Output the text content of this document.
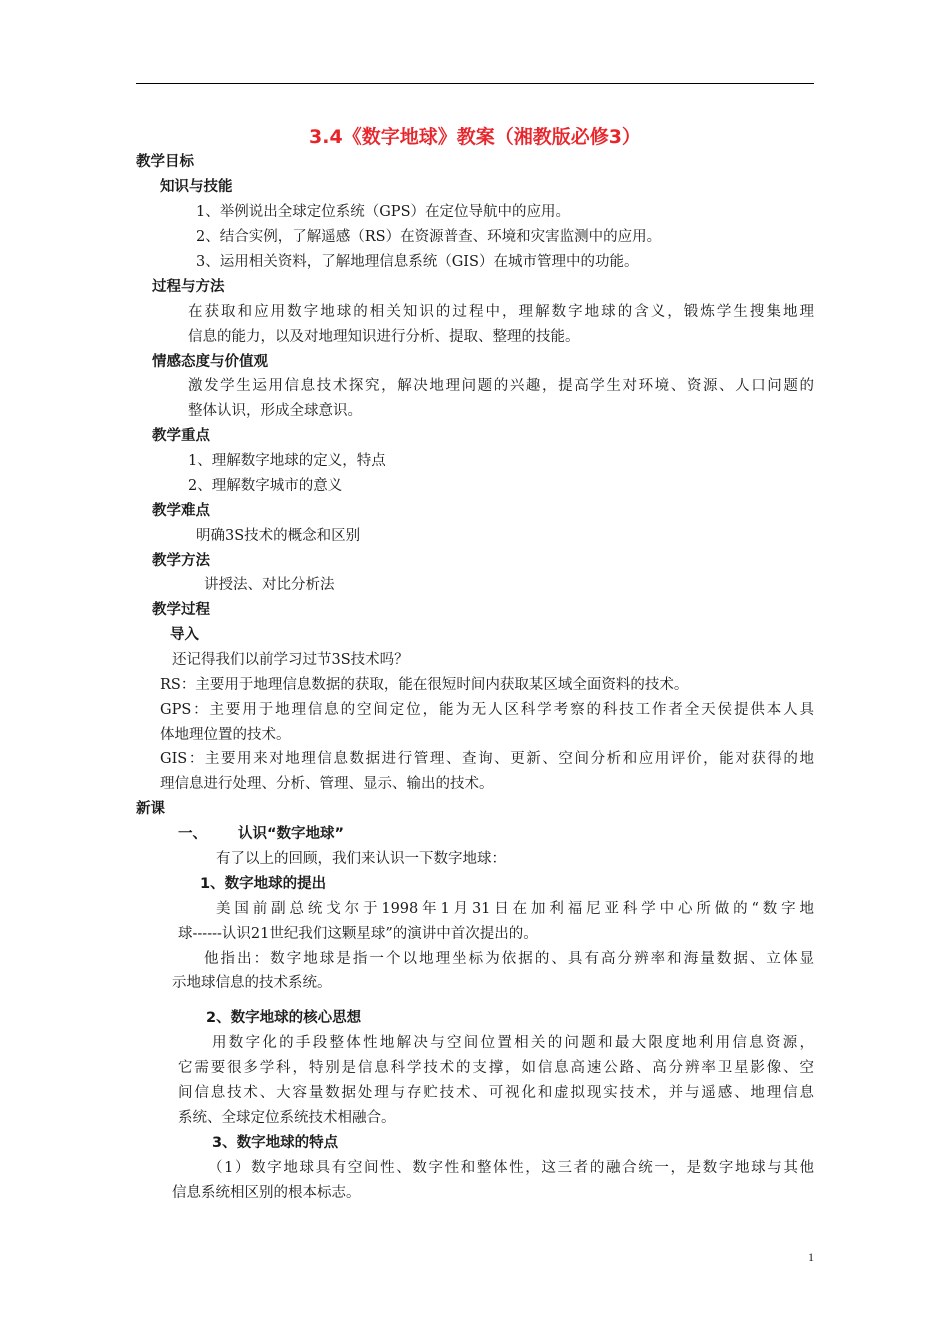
3.4《数字地球》教案（湘教版必修3）
教学目标
知识与技能
1、举例说出全球定位系统（GPS）在定位导航中的应用。
2、结合实例，了解遥感（RS）在资源普查、环境和灾害监测中的应用。
3、运用相关资料，了解地理信息系统（GIS）在城市管理中的功能。
过程与方法
在获取和应用数字地球的相关知识的过程中，理解数字地球的含义，锻炼学生搜集地理
信息的能力，以及对地理知识进行分析、提取、整理的技能。
情感态度与价值观
激发学生运用信息技术探究，解决地理问题的兴趣，提高学生对环境、资源、人口问题的
整体认识，形成全球意识。
教学重点
1、理解数字地球的定义，特点
2、理解数字城市的意义
教学难点
明确3S技术的概念和区别
教学方法
讲授法、对比分析法
教学过程
导入
还记得我们以前学习过节3S技术吗？
RS：主要用于地理信息数据的获取，能在很短时间内获取某区域全面资料的技术。
GPS：主要用于地理信息的空间定位，能为无人区科学考察的科技工作者全天侯提供本人具
体地理位置的技术。
GIS：主要用来对地理信息数据进行管理、查询、更新、空间分析和应用评价，能对获得的地
理信息进行处理、分析、管理、显示、输出的技术。
新课
一、 认识“数字地球”
有了以上的回顾，我们来认识一下数字地球：
1、数字地球的提出
美国前副总统戈尔于1998年1月31日在加利福尼亚科学中心所做的“数字地
球------认识21世纪我们这颗星球”的演讲中首次提出的。
他指出：数字地球是指一个以地理坐标为依据的、具有高分辨率和海量数据、立体显
示地球信息的技术系统。
2、数字地球的核心思想
用数字化的手段整体性地解决与空间位置相关的问题和最大限度地利用信息资源，
它需要很多学科，特别是信息科学技术的支撑，如信息高速公路、高分辨率卫星影像、空
间信息技术、大容量数据处理与存贮技术、可视化和虚拟现实技术，并与遥感、地理信息
系统、全球定位系统技术相融合。
3、数字地球的特点
（1）数字地球具有空间性、数字性和整体性，这三者的融合统一，是数字地球与其他
信息系统相区别的根本标志。
1
